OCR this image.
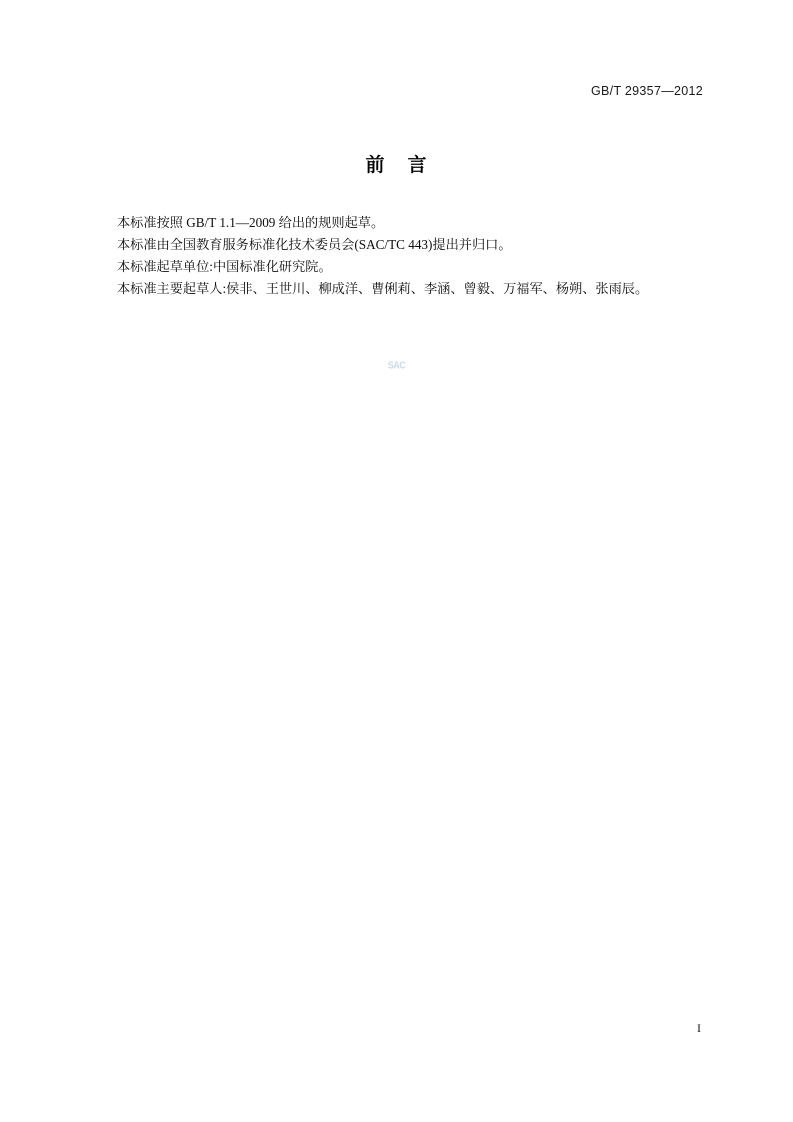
GB/T 29357—2012
前 言

本标准按照 GB/T 1.1—2009 给出的规则起草。

本标准由全国教育服务标准化技术委员会(SAC/TC 443)提出并归口。

本标准起草单位:中国标准化研究院。

本标准主要起草人:侯非、王世川、柳成洋、曹俐莉、李涵、曾毅、万福军、杨朔、张雨辰。

SAC
I
